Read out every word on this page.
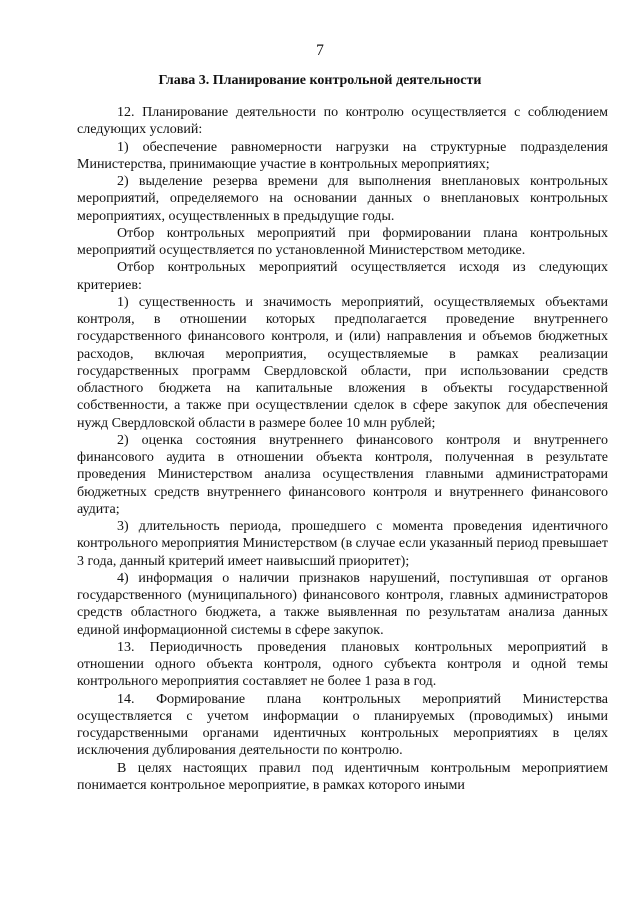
7
Глава 3. Планирование контрольной деятельности

12. Планирование деятельности по контролю осуществляется с соблюдением следующих условий:

1) обеспечение равномерности нагрузки на структурные подразделения Министерства, принимающие участие в контрольных мероприятиях;

2) выделение резерва времени для выполнения внеплановых контрольных мероприятий, определяемого на основании данных о внеплановых контрольных мероприятиях, осуществленных в предыдущие годы.

Отбор контрольных мероприятий при формировании плана контрольных мероприятий осуществляется по установленной Министерством методике.

Отбор контрольных мероприятий осуществляется исходя из следующих критериев:

1) существенность и значимость мероприятий, осуществляемых объектами контроля, в отношении которых предполагается проведение внутреннего государственного финансового контроля, и (или) направления и объемов бюджетных расходов, включая мероприятия, осуществляемые в рамках реализации государственных программ Свердловской области, при использовании средств областного бюджета на капитальные вложения в объекты государственной собственности, а также при осуществлении сделок в сфере закупок для обеспечения нужд Свердловской области в размере более 10 млн рублей;

2) оценка состояния внутреннего финансового контроля и внутреннего финансового аудита в отношении объекта контроля, полученная в результате проведения Министерством анализа осуществления главными администраторами бюджетных средств внутреннего финансового контроля и внутреннего финансового аудита;

3) длительность периода, прошедшего с момента проведения идентичного контрольного мероприятия Министерством (в случае если указанный период превышает 3 года, данный критерий имеет наивысший приоритет);

4) информация о наличии признаков нарушений, поступившая от органов государственного (муниципального) финансового контроля, главных администраторов средств областного бюджета, а также выявленная по результатам анализа данных единой информационной системы в сфере закупок.

13. Периодичность проведения плановых контрольных мероприятий в отношении одного объекта контроля, одного субъекта контроля и одной темы контрольного мероприятия составляет не более 1 раза в год.

14. Формирование плана контрольных мероприятий Министерства осуществляется с учетом информации о планируемых (проводимых) иными государственными органами идентичных контрольных мероприятиях в целях исключения дублирования деятельности по контролю.

В целях настоящих правил под идентичным контрольным мероприятием понимается контрольное мероприятие, в рамках которого иными
